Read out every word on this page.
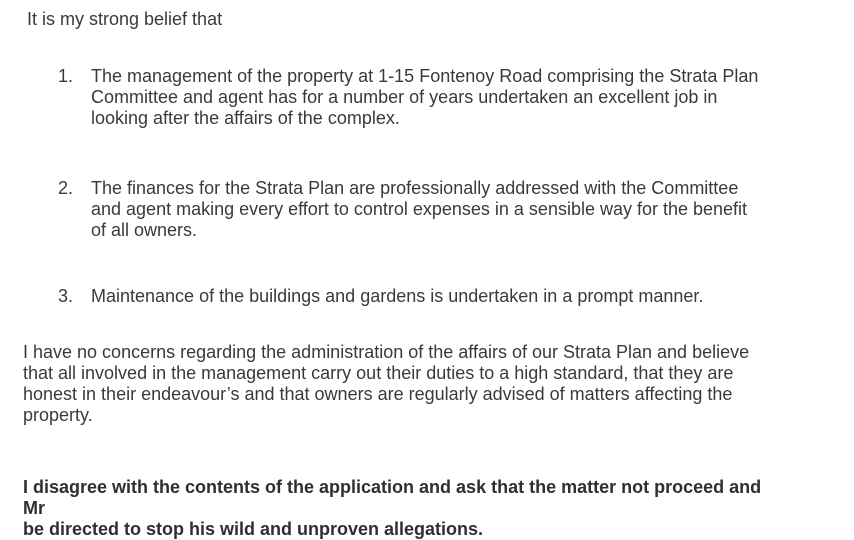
It is my strong belief that

1. The management of the property at 1-15 Fontenoy Road comprising the Strata Plan
Committee and agent has for a number of years undertaken an excellent job in
looking after the affairs of the complex.
2. The finances for the Strata Plan are professionally addressed with the Committee
and agent making every effort to control expenses in a sensible way for the benefit
of all owners.
3. Maintenance of the buildings and gardens is undertaken in a prompt manner.
I have no concerns regarding the administration of the affairs of our Strata Plan and believe
that all involved in the management carry out their duties to a high standard, that they are
honest in their endeavour’s and that owners are regularly advised of matters affecting the
property.
I disagree with the contents of the application and ask that the matter not proceed and
Mr
be directed to stop his wild and unproven allegations.
